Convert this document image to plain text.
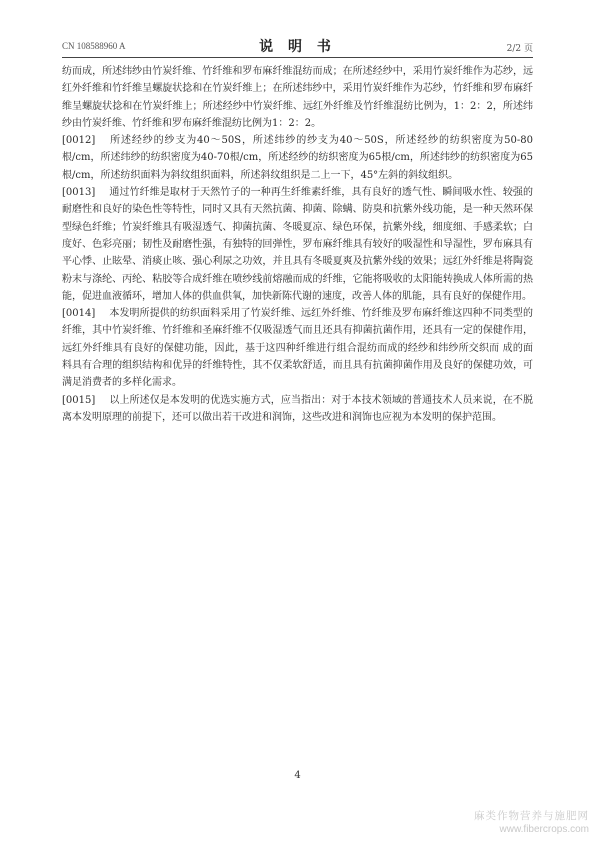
CN 108588960 A	说 明 书	2/2 页

纺而成，所述纬纱由竹炭纤维、竹纤维和罗布麻纤维混纺而成；在所述经纱中，采用竹炭纤维作为芯纱，远红外纤维和竹纤维呈螺旋状捻和在竹炭纤维上；在所述纬纱中，采用竹炭纤维作为芯纱，竹纤维和罗布麻纤维呈螺旋状捻和在竹炭纤维上；所述经纱中竹炭纤维、远红外纤维及竹纤维混纺比例为，1：2：2，所述纬纱由竹炭纤维、竹纤维和罗布麻纤维混纺比例为1：2：2。

[0012] 所述经纱的纱支为40～50S，所述纬纱的纱支为40～50S，所述经纱的纺织密度为50-80根/cm，所述纬纱的纺织密度为40-70根/cm，所述经纱的纺织密度为65根/cm，所述纬纱的纺织密度为65根/cm，所述纺织面料为斜纹组织面料，所述斜纹组织是二上一下，45°左斜的斜纹组织。

[0013] 通过竹纤维是取材于天然竹子的一种再生纤维素纤维，具有良好的透气性、瞬间吸水性、较强的耐磨性和良好的染色性等特性，同时又具有天然抗菌、抑菌、除螨、防臭和抗紫外线功能，是一种天然环保型绿色纤维；竹炭纤维具有吸湿透气、抑菌抗菌、冬暖夏凉、绿色环保，抗紫外线，细度细、手感柔软；白度好、色彩亮丽；韧性及耐磨性强，有独特的回弹性，罗布麻纤维具有较好的吸湿性和导湿性，罗布麻具有平心悸、止眩晕、消痰止咳、强心利尿之功效，并且具有冬暖夏爽及抗紫外线的效果；远红外纤维是将陶瓷粉末与涤纶、丙纶、粘胶等合成纤维在喷纱线前熔融而成的纤维，它能将吸收的太阳能转换成人体所需的热能，促进血液循环，增加人体的供血供氧，加快新陈代谢的速度，改善人体的肌能，具有良好的保健作用。

[0014] 本发明所提供的纺织面料采用了竹炭纤维、远红外纤维、竹纤维及罗布麻纤维这四种不同类型的纤维，其中竹炭纤维、竹纤维和圣麻纤维不仅吸湿透气而且还具有抑菌抗菌作用，还具有一定的保健作用，远红外纤维具有良好的保健功能，因此，基于这四种纤维进行组合混纺而成的经纱和纬纱所交织而 成的面料具有合理的组织结构和优异的纤维特性，其不仅柔软舒适，而且具有抗菌抑菌作用及良好的保健功效，可满足消费者的多样化需求。

[0015] 以上所述仅是本发明的优选实施方式，应当指出：对于本技术领域的普通技术人员来说，在不脱离本发明原理的前提下，还可以做出若干改进和润饰，这些改进和润饰也应视为本发明的保护范围。

4
麻类作物营养与施肥网
www.fibercrops.com
